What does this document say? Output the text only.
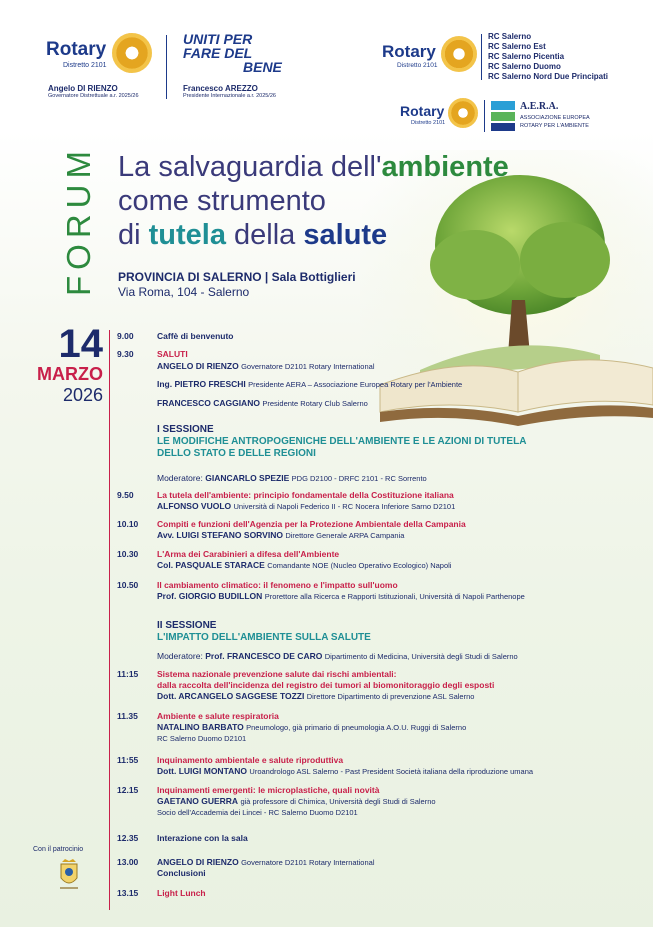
Rotary
Distretto 2101
Angelo DI RIENZO
Governatore Distrettuale a.r. 2025/26
UNITI PER
FARE DEL
BENE
Francesco AREZZO
Presidente Internazionale a.r. 2025/26
Rotary
Distretto 2101
RC Salerno
RC Salerno Est
RC Salerno Picentia
RC Salerno Duomo
RC Salerno Nord Due Principati
Rotary
Distretto 2101
A.E.R.A.
ASSOCIAZIONE EUROPEA
ROTARY PER L'AMBIENTE
FORUM La salvaguardia dell'ambiente
come strumento
di tutela della salute
PROVINCIA DI SALERNO | Sala Bottiglieri
Via Roma, 104 - Salerno
14
MARZO
2026
9.00	Caffè di benvenuto
9.30	SALUTI
ANGELO DI RIENZO Governatore D2101 Rotary International
Ing. PIETRO FRESCHI Presidente AERA – Associazione Europea Rotary per l'Ambiente
FRANCESCO CAGGIANO Presidente Rotary Club Salerno
I SESSIONE
LE MODIFICHE ANTROPOGENICHE DELL'AMBIENTE E LE AZIONI DI TUTELA
DELLO STATO E DELLE REGIONI
Moderatore: GIANCARLO SPEZIE PDG D2100 - DRFC 2101 - RC Sorrento
9.50	La tutela dell'ambiente: principio fondamentale della Costituzione italiana
ALFONSO VUOLO Università di Napoli Federico II - RC Nocera Inferiore Sarno D2101
10.10 Compiti e funzioni dell'Agenzia per la Protezione Ambientale della Campania
Avv. LUIGI STEFANO SORVINO Direttore Generale ARPA Campania
10.30 L'Arma dei Carabinieri a difesa dell'Ambiente
Col. PASQUALE STARACE Comandante NOE (Nucleo Operativo Ecologico) Napoli
10.50 Il cambiamento climatico: il fenomeno e l'impatto sull'uomo
Prof. GIORGIO BUDILLON Prorettore alla Ricerca e Rapporti Istituzionali, Università di Napoli Parthenope
II SESSIONE
L'IMPATTO DELL'AMBIENTE SULLA SALUTE
Moderatore: Prof. FRANCESCO DE CARO Dipartimento di Medicina, Università degli Studi di Salerno
11:15 Sistema nazionale prevenzione salute dai rischi ambientali:
dalla raccolta dell'incidenza del registro dei tumori al biomonitoraggio degli esposti
Dott. ARCANGELO SAGGESE TOZZI Direttore Dipartimento di prevenzione ASL Salerno
11.35 Ambiente e salute respiratoria
NATALINO BARBATO Pneumologo, già primario di pneumologia A.O.U. Ruggi di Salerno
RC Salerno Duomo D2101
11:55 Inquinamento ambientale e salute riproduttiva
Dott. LUIGI MONTANO Uroandrologo ASL Salerno - Past President Società italiana della riproduzione umana
12.15 Inquinamenti emergenti: le microplastiche, quali novità
GAETANO GUERRA già professore di Chimica, Università degli Studi di Salerno
Socio dell'Accademia dei Lincei - RC Salerno Duomo D2101
12.35 Interazione con la sala
13.00 ANGELO DI RIENZO Governatore D2101 Rotary International
Conclusioni
13.15 Light Lunch
Con il patrocinio
